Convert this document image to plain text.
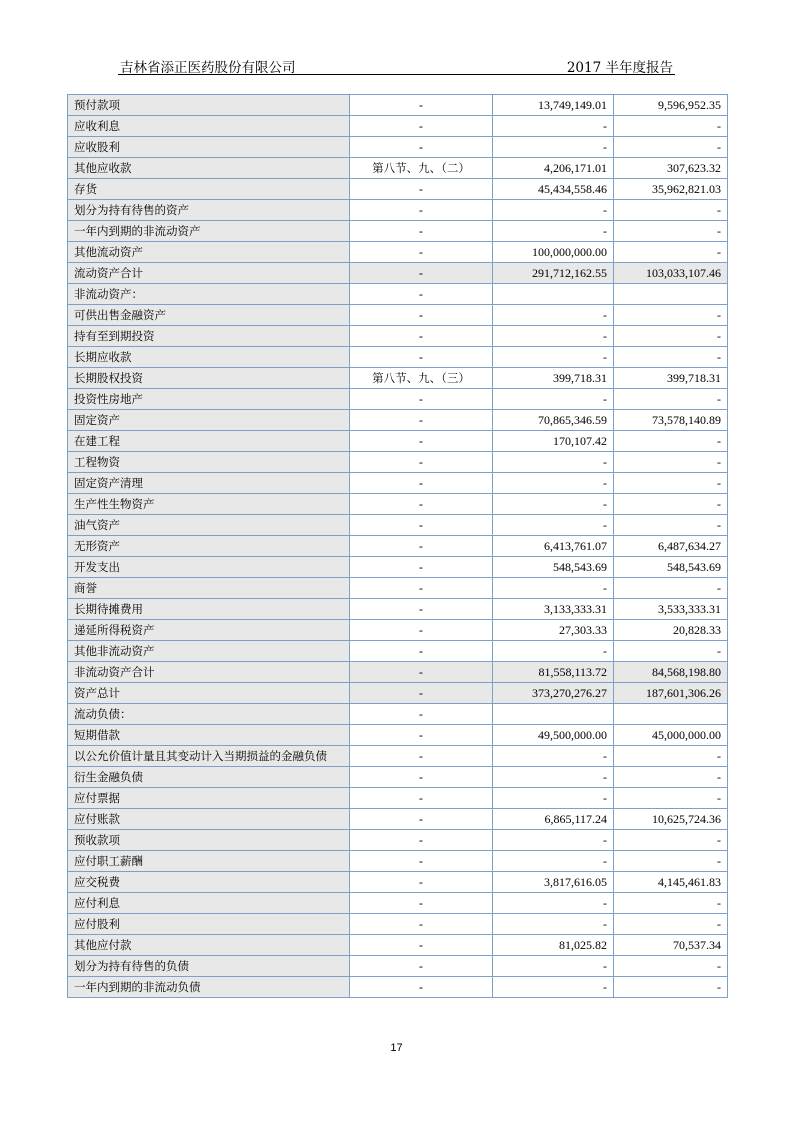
吉林省添正医药股份有限公司	2017 半年度报告
预付款项	-	13,749,149.01	9,596,952.35
应收利息	-	-	-
应收股利	-	-	-
其他应收款	第八节、九、（二）	4,206,171.01	307,623.32
存货	-	45,434,558.46	35,962,821.03
划分为持有待售的资产	-	-	-
一年内到期的非流动资产	-	-	-
其他流动资产	-	100,000,000.00	-
流动资产合计	-	291,712,162.55	103,033,107.46
非流动资产：	-		
可供出售金融资产	-	-	-
持有至到期投资	-	-	-
长期应收款	-	-	-
长期股权投资	第八节、九、（三）	399,718.31	399,718.31
投资性房地产	-	-	-
固定资产	-	70,865,346.59	73,578,140.89
在建工程	-	170,107.42	-
工程物资	-	-	-
固定资产清理	-	-	-
生产性生物资产	-	-	-
油气资产	-	-	-
无形资产	-	6,413,761.07	6,487,634.27
开发支出	-	548,543.69	548,543.69
商誉	-	-	-
长期待摊费用	-	3,133,333.31	3,533,333.31
递延所得税资产	-	27,303.33	20,828.33
其他非流动资产	-	-	-
非流动资产合计	-	81,558,113.72	84,568,198.80
资产总计	-	373,270,276.27	187,601,306.26
流动负债：	-		
短期借款	-	49,500,000.00	45,000,000.00
以公允价值计量且其变动计入当期损益的金融负债	-	-	-
衍生金融负债	-	-	-
应付票据	-	-	-
应付账款	-	6,865,117.24	10,625,724.36
预收款项	-	-	-
应付职工薪酬	-	-	-
应交税费	-	3,817,616.05	4,145,461.83
应付利息	-	-	-
应付股利	-	-	-
其他应付款	-	81,025.82	70,537.34
划分为持有待售的负债	-	-	-
一年内到期的非流动负债	-	-	-
17
